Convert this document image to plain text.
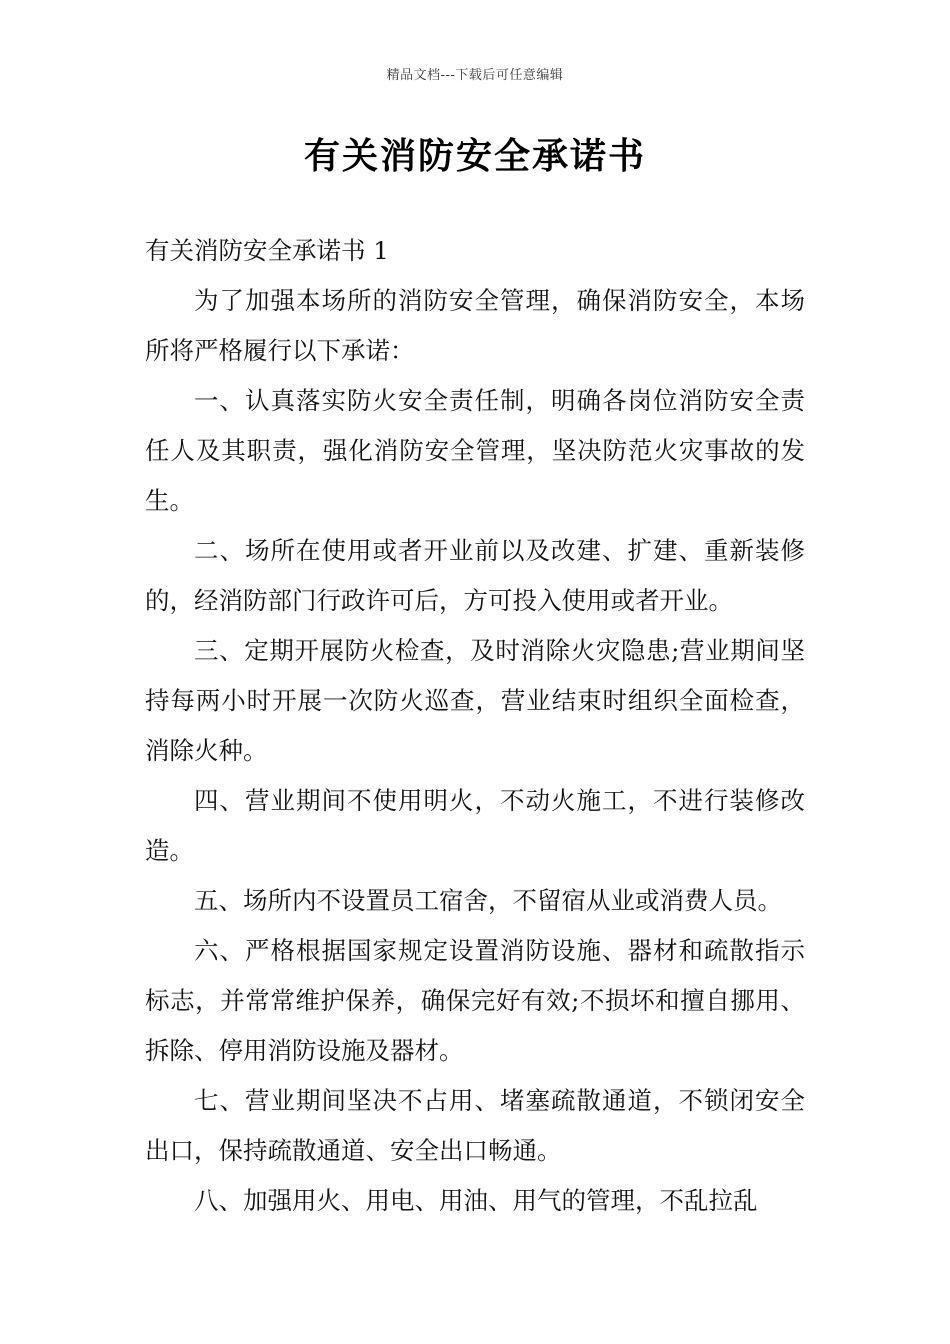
精品文档---下载后可任意编辑
有关消防安全承诺书

有关消防安全承诺书 1

为了加强本场所的消防安全管理，确保消防安全，本场所将严格履行以下承诺：

一、认真落实防火安全责任制，明确各岗位消防安全责任人及其职责，强化消防安全管理，坚决防范火灾事故的发生。

二、场所在使用或者开业前以及改建、扩建、重新装修的，经消防部门行政许可后，方可投入使用或者开业。

三、定期开展防火检查，及时消除火灾隐患;营业期间坚持每两小时开展一次防火巡查，营业结束时组织全面检查，消除火种。

四、营业期间不使用明火，不动火施工，不进行装修改造。

五、场所内不设置员工宿舍，不留宿从业或消费人员。

六、严格根据国家规定设置消防设施、器材和疏散指示标志，并常常维护保养，确保完好有效;不损坏和擅自挪用、拆除、停用消防设施及器材。

七、营业期间坚决不占用、堵塞疏散通道，不锁闭安全出口，保持疏散通道、安全出口畅通。

八、加强用火、用电、用油、用气的管理，不乱拉乱
